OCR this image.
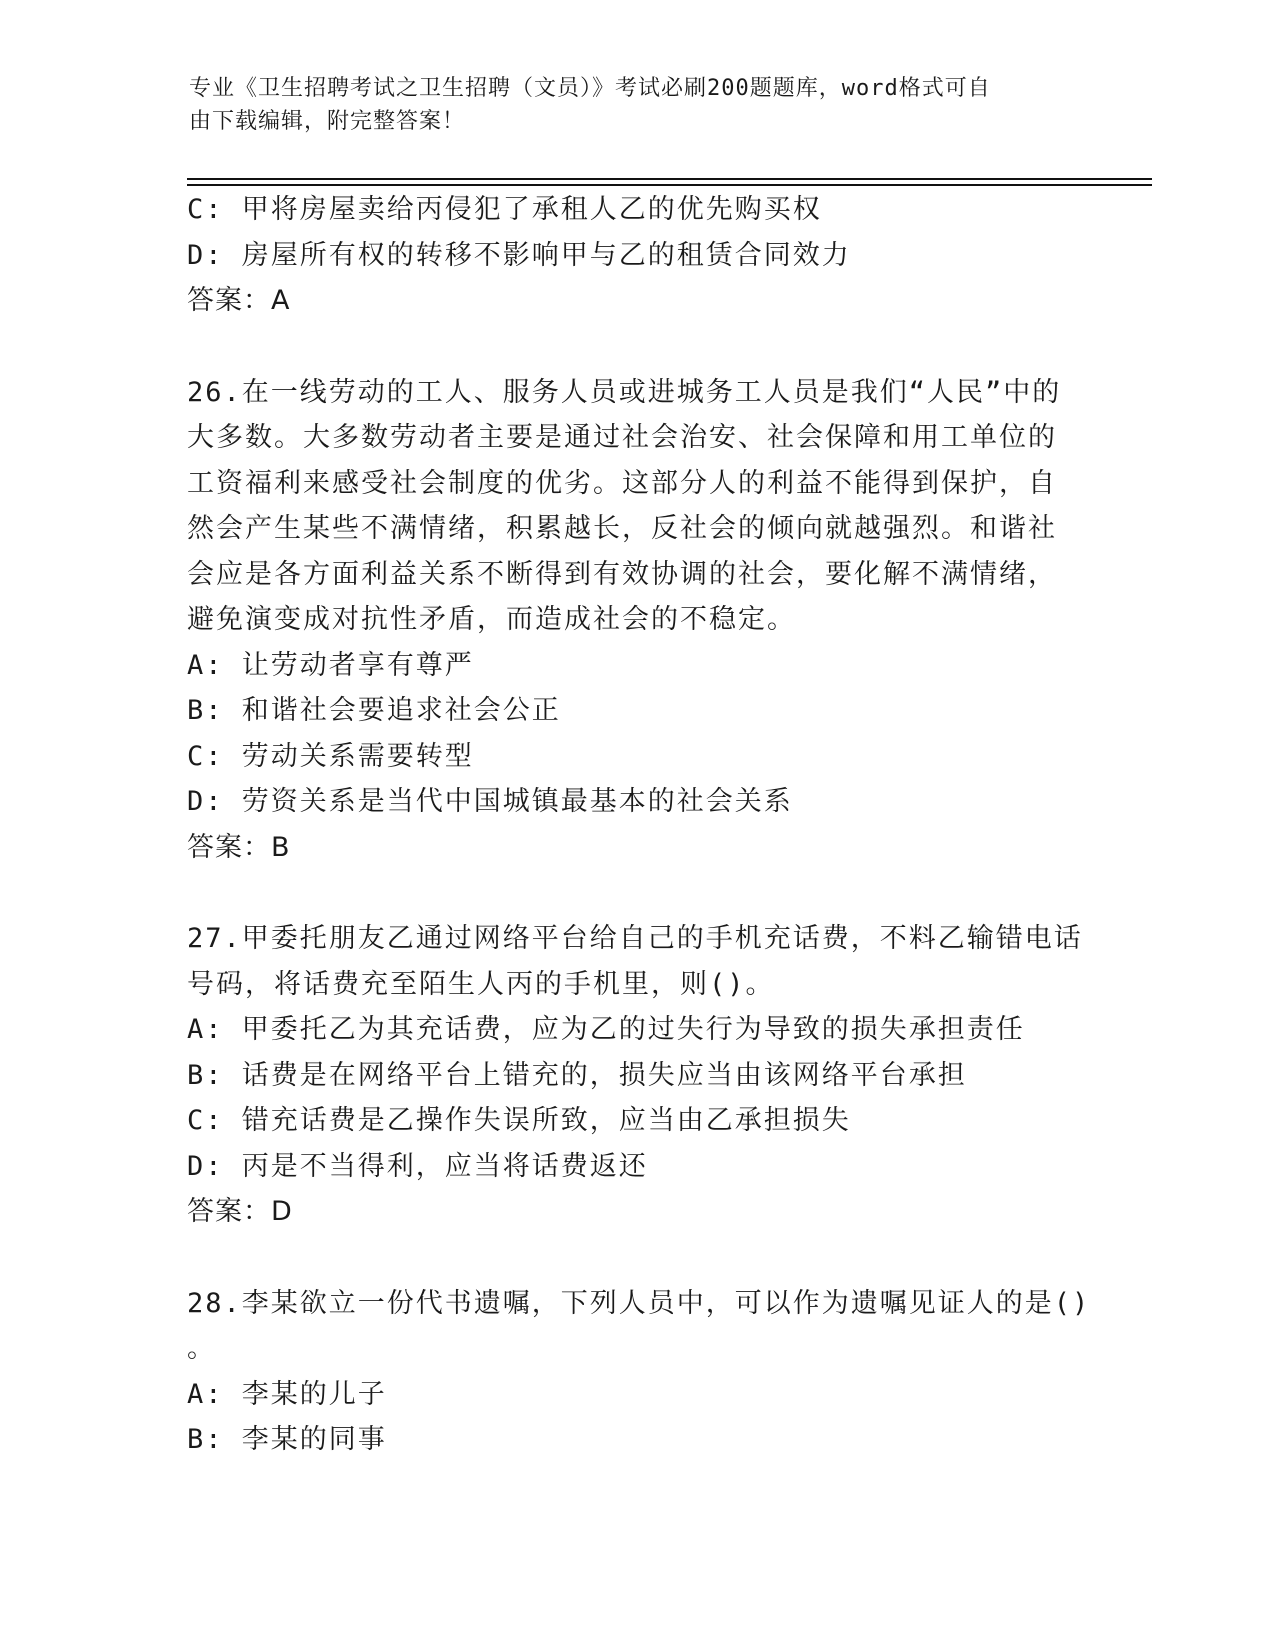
专业《卫生招聘考试之卫生招聘（文员）》考试必刷200题题库，word格式可自
由下载编辑，附完整答案！
C: 甲将房屋卖给丙侵犯了承租人乙的优先购买权
D: 房屋所有权的转移不影响甲与乙的租赁合同效力
答案：A
26.在一线劳动的工人、服务人员或进城务工人员是我们“人民”中的
大多数。大多数劳动者主要是通过社会治安、社会保障和用工单位的
工资福利来感受社会制度的优劣。这部分人的利益不能得到保护，自
然会产生某些不满情绪，积累越长，反社会的倾向就越强烈。和谐社
会应是各方面利益关系不断得到有效协调的社会，要化解不满情绪，
避免演变成对抗性矛盾，而造成社会的不稳定。
A: 让劳动者享有尊严
B: 和谐社会要追求社会公正
C: 劳动关系需要转型
D: 劳资关系是当代中国城镇最基本的社会关系
答案：B
27.甲委托朋友乙通过网络平台给自己的手机充话费，不料乙输错电话
号码，将话费充至陌生人丙的手机里，则()。
A: 甲委托乙为其充话费，应为乙的过失行为导致的损失承担责任
B: 话费是在网络平台上错充的，损失应当由该网络平台承担
C: 错充话费是乙操作失误所致，应当由乙承担损失
D: 丙是不当得利，应当将话费返还
答案：D
28.李某欲立一份代书遗嘱，下列人员中，可以作为遗嘱见证人的是()
。
A: 李某的儿子
B: 李某的同事
